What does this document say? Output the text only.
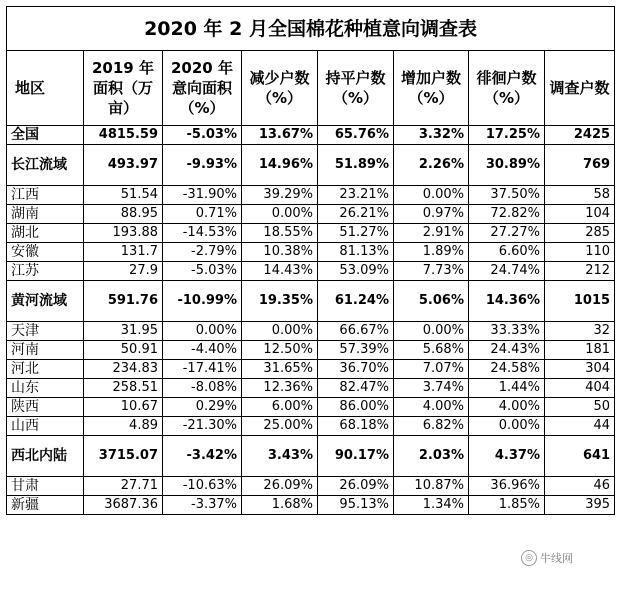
2020 年 2 月全国棉花种植意向调查表							
地区	2019 年面积（万亩）	2020 年意向面积（%）	减少户数（%）	持平户数（%）	增加户数（%）	徘徊户数（%）	调查户数
全国	4815.59	-5.03%	13.67%	65.76%	3.32%	17.25%	2425
长江流域	493.97	-9.93%	14.96%	51.89%	2.26%	30.89%	769
江西	51.54	-31.90%	39.29%	23.21%	0.00%	37.50%	58
湖南	88.95	0.71%	0.00%	26.21%	0.97%	72.82%	104
湖北	193.88	-14.53%	18.55%	51.27%	2.91%	27.27%	285
安徽	131.7	-2.79%	10.38%	81.13%	1.89%	6.60%	110
江苏	27.9	-5.03%	14.43%	53.09%	7.73%	24.74%	212
黄河流域	591.76	-10.99%	19.35%	61.24%	5.06%	14.36%	1015
天津	31.95	0.00%	0.00%	66.67%	0.00%	33.33%	32
河南	50.91	-4.40%	12.50%	57.39%	5.68%	24.43%	181
河北	234.83	-17.41%	31.65%	36.70%	7.07%	24.58%	304
山东	258.51	-8.08%	12.36%	82.47%	3.74%	1.44%	404
陕西	10.67	0.29%	6.00%	86.00%	4.00%	4.00%	50
山西	4.89	-21.30%	25.00%	68.18%	6.82%	0.00%	44
西北内陆	3715.07	-3.42%	3.43%	90.17%	2.03%	4.37%	641
甘肃	27.71	-10.63%	26.09%	26.09%	10.87%	36.96%	46
新疆	3687.36	-3.37%	1.68%	95.13%	1.34%	1.85%	395
◎ 牛线网
